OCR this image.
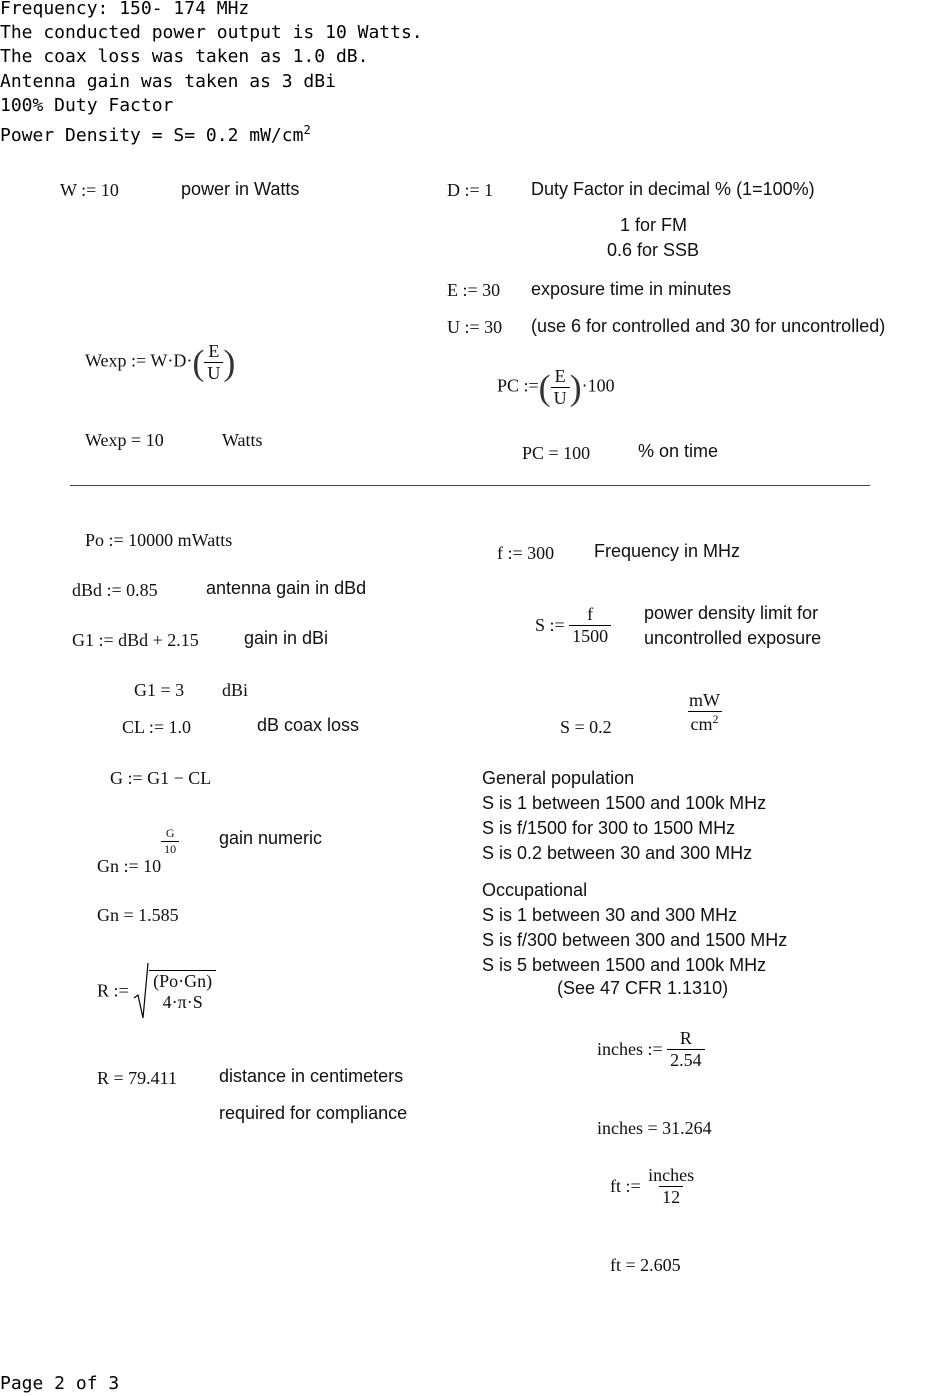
Frequency: 150- 174 MHz
The conducted power output is 10 Watts.
The coax loss was taken as 1.0 dB.
Antenna gain was taken as 3 dBi
100% Duty Factor
Power Density = S= 0.2 $mW/cm^2$
W := 10	power in Watts
Wexp := $W\cdot D\cdot( \frac{E}{U}$ )
Wexp = 10	Watts
D := 1 Duty Factor in decimal % (1=100%)
1 for FM
0.6 for SSB
E := 30 exposure time in minutes
U := 30 (use 6 for controlled and 30 for uncontrolled)
PC :=( $\frac{E}{U} )\cdot 100$
PC = 100	% on time
Po := 10000 mWatts
dBd := 0.85	antenna gain in dBd
G1 := dBd + 2.15	gain in dBi
G1 = 3 dBi
CL := 1.0	dB coax loss
G := G1 − CL
Gn := 10
$\frac{G}{10}$ gain numeric
Gn = 1.585
R := (Po·Gn)
4·π·S
R = 79.411 distance in centimeters
required for compliance
f := 300 Frequency in MHz
S := $\frac{f}{1500}$ power density limit for
uncontrolled exposure
S = 0.2	$\frac{mW}{cm^2}$
General population
S is 1 between 1500 and 100k MHz
S is f/1500 for 300 to 1500 MHz
S is 0.2 between 30 and 300 MHz
Occupational
S is 1 between 30 and 300 MHz
S is f/300 between 300 and 1500 MHz
S is 5 between 1500 and 100k MHz
(See 47 CFR 1.1310)
inches := $\frac{R}{2.54}$
inches = 31.264
ft := $\frac{\text{inches}}{12}$
ft = 2.605
Page 2 of 3
